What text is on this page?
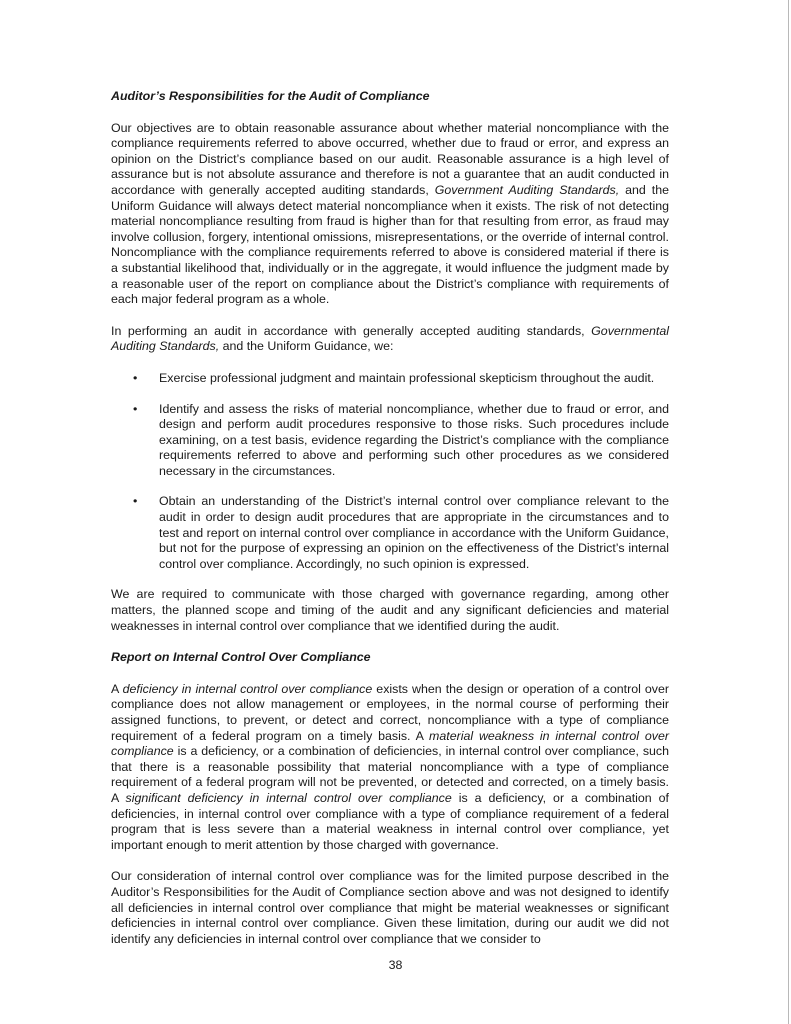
Auditor’s Responsibilities for the Audit of Compliance

Our objectives are to obtain reasonable assurance about whether material noncompliance with the compliance requirements referred to above occurred, whether due to fraud or error, and express an opinion on the District’s compliance based on our audit. Reasonable assurance is a high level of assurance but is not absolute assurance and therefore is not a guarantee that an audit conducted in accordance with generally accepted auditing standards, Government Auditing Standards, and the Uniform Guidance will always detect material noncompliance when it exists. The risk of not detecting material noncompliance resulting from fraud is higher than for that resulting from error, as fraud may involve collusion, forgery, intentional omissions, misrepresentations, or the override of internal control. Noncompliance with the compliance requirements referred to above is considered material if there is a substantial likelihood that, individually or in the aggregate, it would influence the judgment made by a reasonable user of the report on compliance about the District’s compliance with requirements of each major federal program as a whole.

In performing an audit in accordance with generally accepted auditing standards, Governmental Auditing Standards, and the Uniform Guidance, we:

• Exercise professional judgment and maintain professional skepticism throughout the audit.
• Identify and assess the risks of material noncompliance, whether due to fraud or error, and design and perform audit procedures responsive to those risks. Such procedures include examining, on a test basis, evidence regarding the District’s compliance with the compliance requirements referred to above and performing such other procedures as we considered necessary in the circumstances.
• Obtain an understanding of the District’s internal control over compliance relevant to the audit in order to design audit procedures that are appropriate in the circumstances and to test and report on internal control over compliance in accordance with the Uniform Guidance, but not for the purpose of expressing an opinion on the effectiveness of the District’s internal control over compliance. Accordingly, no such opinion is expressed.

We are required to communicate with those charged with governance regarding, among other matters, the planned scope and timing of the audit and any significant deficiencies and material weaknesses in internal control over compliance that we identified during the audit.

Report on Internal Control Over Compliance

A deficiency in internal control over compliance exists when the design or operation of a control over compliance does not allow management or employees, in the normal course of performing their assigned functions, to prevent, or detect and correct, noncompliance with a type of compliance requirement of a federal program on a timely basis. A material weakness in internal control over compliance is a deficiency, or a combination of deficiencies, in internal control over compliance, such that there is a reasonable possibility that material noncompliance with a type of compliance requirement of a federal program will not be prevented, or detected and corrected, on a timely basis. A significant deficiency in internal control over compliance is a deficiency, or a combination of deficiencies, in internal control over compliance with a type of compliance requirement of a federal program that is less severe than a material weakness in internal control over compliance, yet important enough to merit attention by those charged with governance.

Our consideration of internal control over compliance was for the limited purpose described in the Auditor’s Responsibilities for the Audit of Compliance section above and was not designed to identify all deficiencies in internal control over compliance that might be material weaknesses or significant deficiencies in internal control over compliance. Given these limitation, during our audit we did not identify any deficiencies in internal control over compliance that we consider to

38
